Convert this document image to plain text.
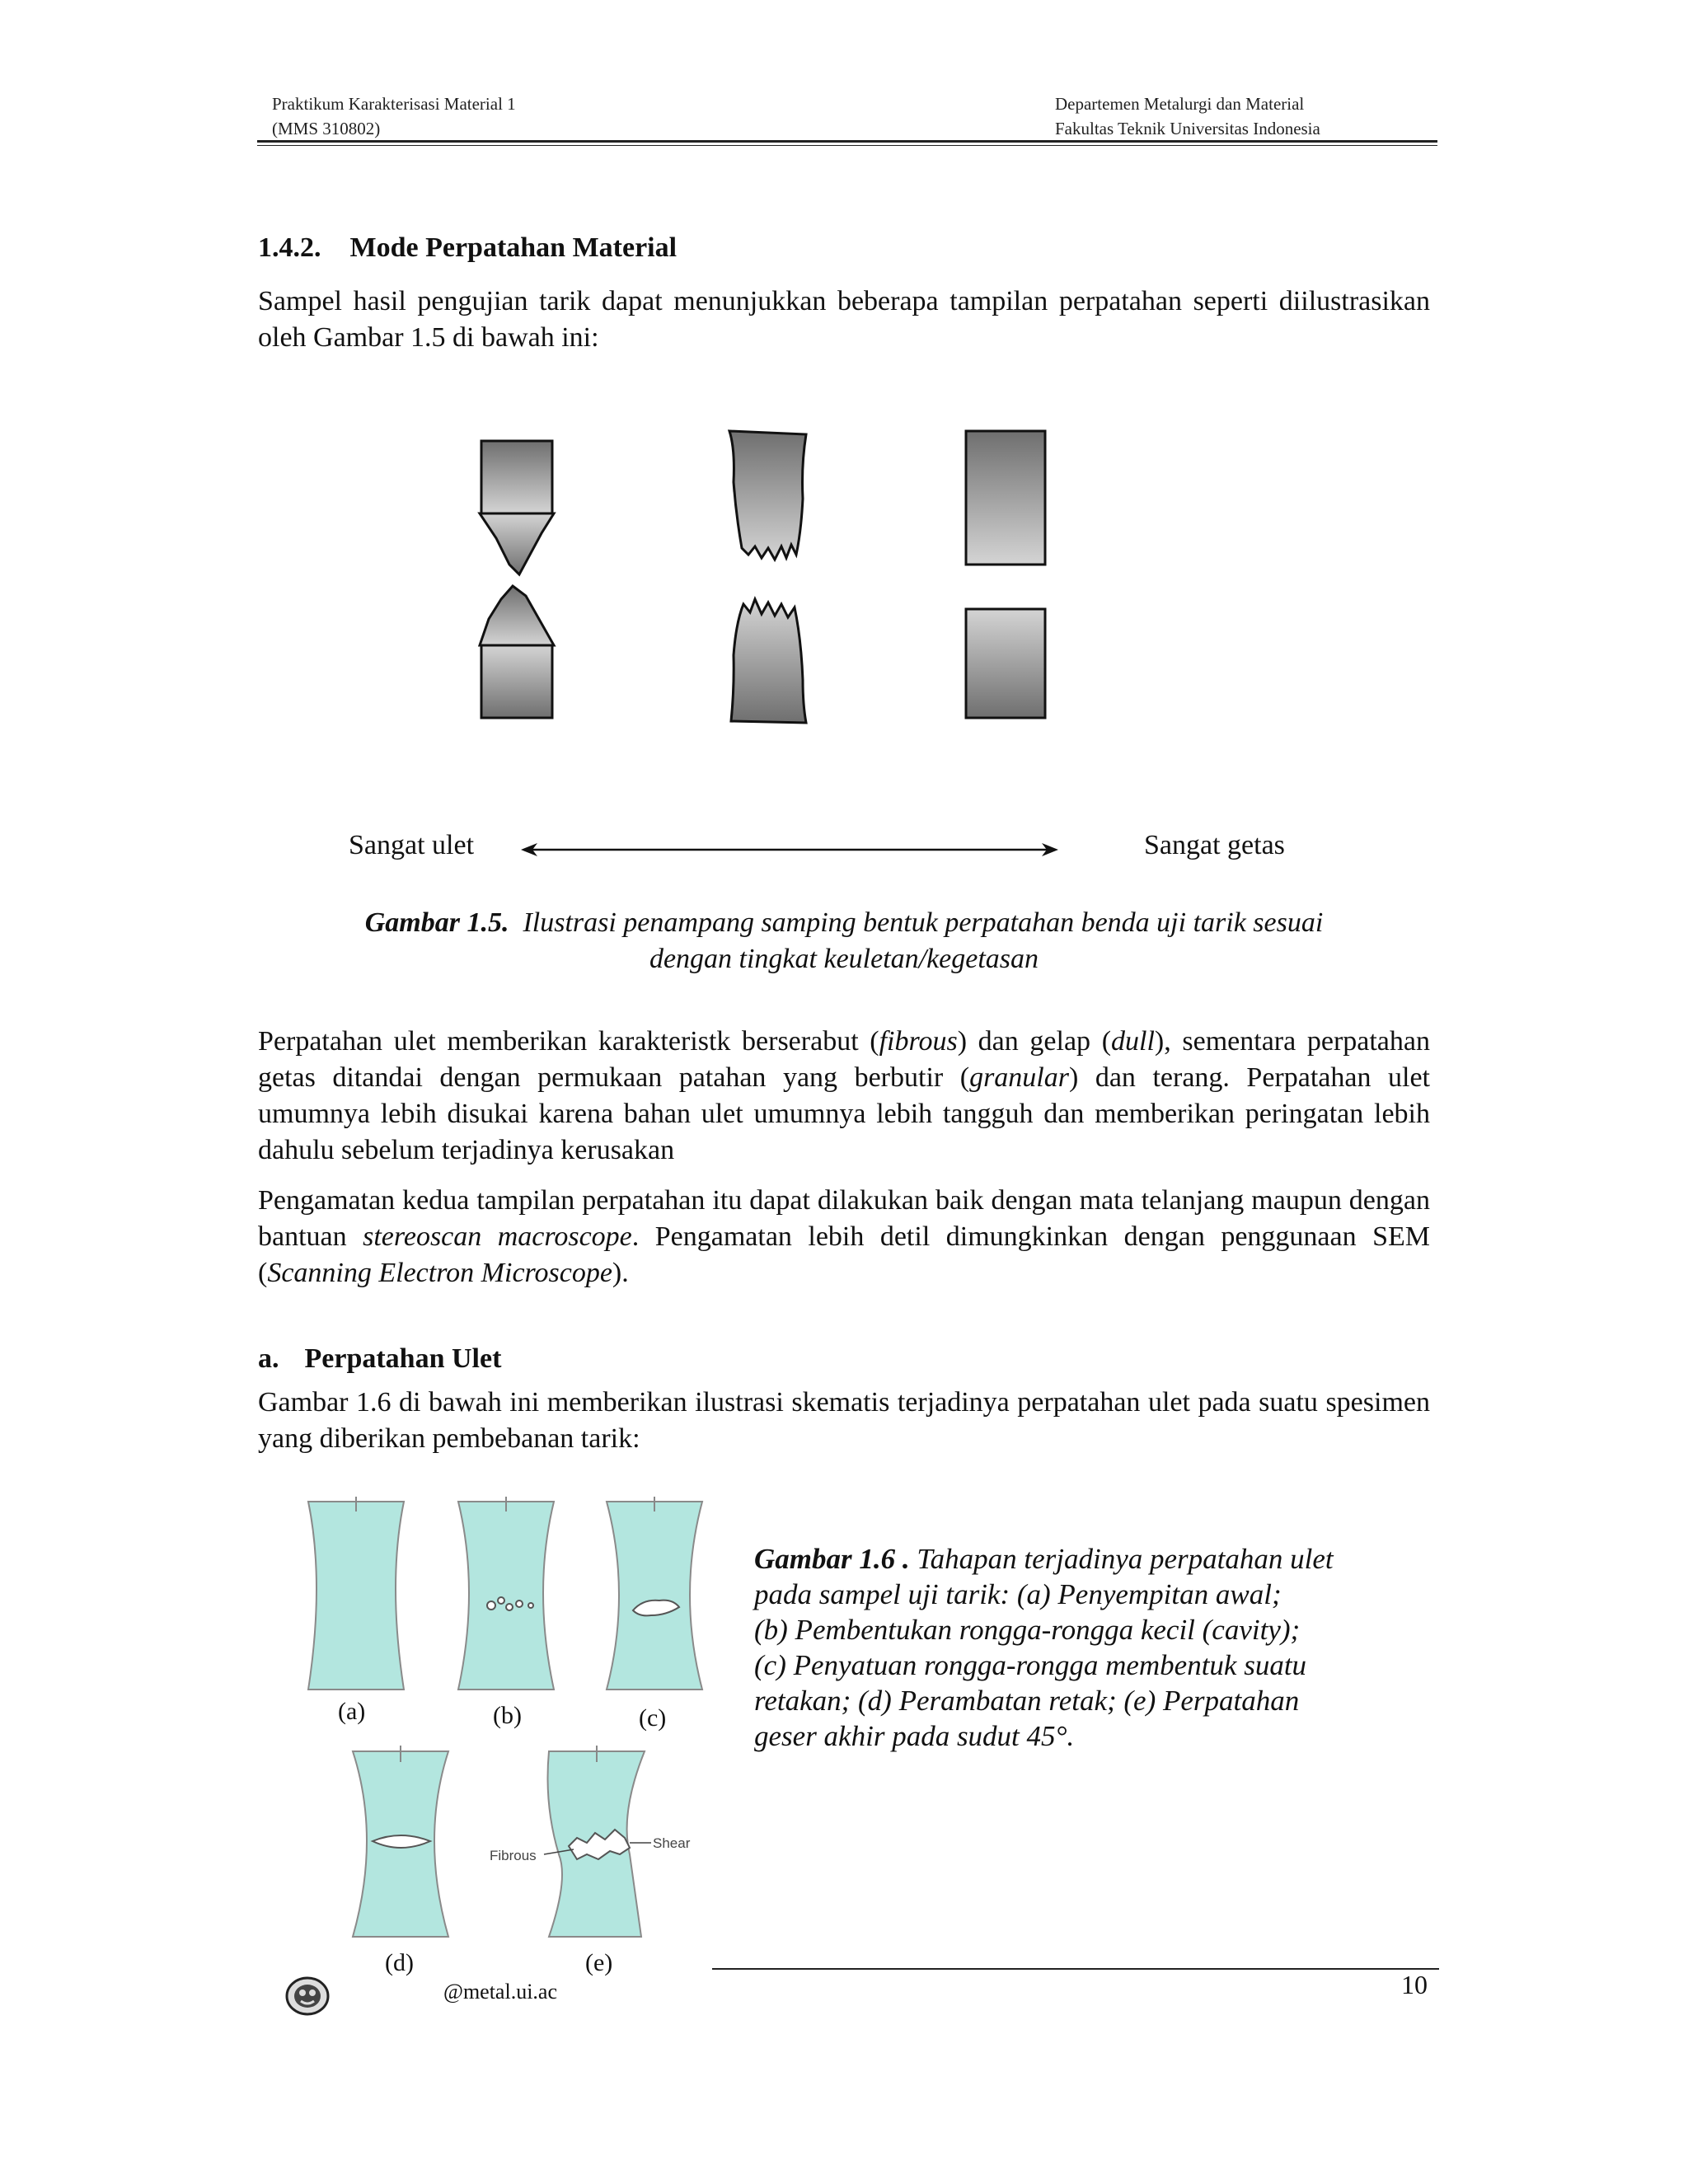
Praktikum Karakterisasi Material 1
(MMS 310802)
Departemen Metalurgi dan Material
Fakultas Teknik Universitas Indonesia
1.4.2. Mode Perpatahan Material
Sampel hasil pengujian tarik dapat menunjukkan beberapa tampilan perpatahan seperti diilustrasikan oleh Gambar 1.5 di bawah ini:
Sangat ulet	Sangat getas
Gambar 1.5. Ilustrasi penampang samping bentuk perpatahan benda uji tarik sesuai
dengan tingkat keuletan/kegetasan
Perpatahan ulet memberikan karakteristk berserabut (fibrous) dan gelap (dull), sementara perpatahan getas ditandai dengan permukaan patahan yang berbutir (granular) dan terang. Perpatahan ulet umumnya lebih disukai karena bahan ulet umumnya lebih tangguh dan memberikan peringatan lebih dahulu sebelum terjadinya kerusakan
Pengamatan kedua tampilan perpatahan itu dapat dilakukan baik dengan mata telanjang maupun dengan bantuan stereoscan macroscope. Pengamatan lebih detil dimungkinkan dengan penggunaan SEM (Scanning Electron Microscope).
a. Perpatahan Ulet
Gambar 1.6 di bawah ini memberikan ilustrasi skematis terjadinya perpatahan ulet pada suatu spesimen yang diberikan pembebanan tarik:
Fibrous
Shear
(a)	(b)	(c)
(d)	(e)
Gambar 1.6 . Tahapan terjadinya perpatahan ulet
pada sampel uji tarik: (a) Penyempitan awal;
(b) Pembentukan rongga-rongga kecil (cavity);
(c) Penyatuan rongga-rongga membentuk suatu
retakan; (d) Perambatan retak; (e) Perpatahan
geser akhir pada sudut 45°.
@metal.ui.ac	10
